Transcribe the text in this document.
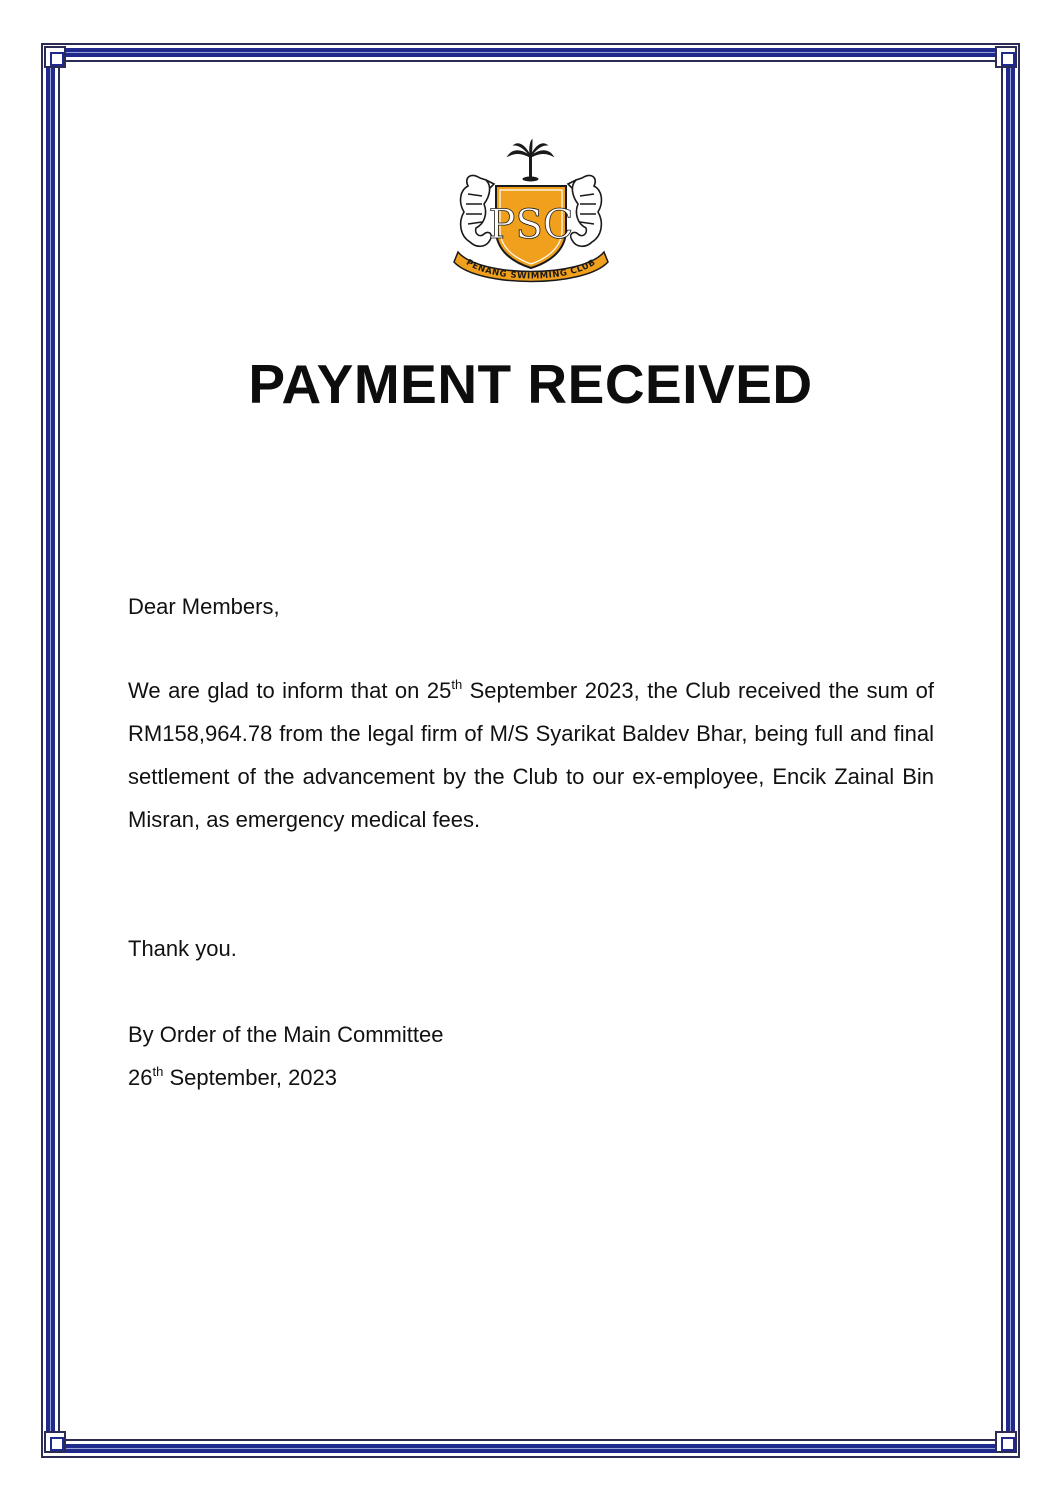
PSC
PENANG SWIMMING CLUB
PAYMENT RECEIVED

Dear Members,

We are glad to inform that on 25th September 2023, the Club received the sum of RM158,964.78 from the legal firm of M/S Syarikat Baldev Bhar, being full and final settlement of the advancement by the Club to our ex-employee, Encik Zainal Bin Misran, as emergency medical fees.

Thank you.

By Order of the Main Committee

26th September, 2023
